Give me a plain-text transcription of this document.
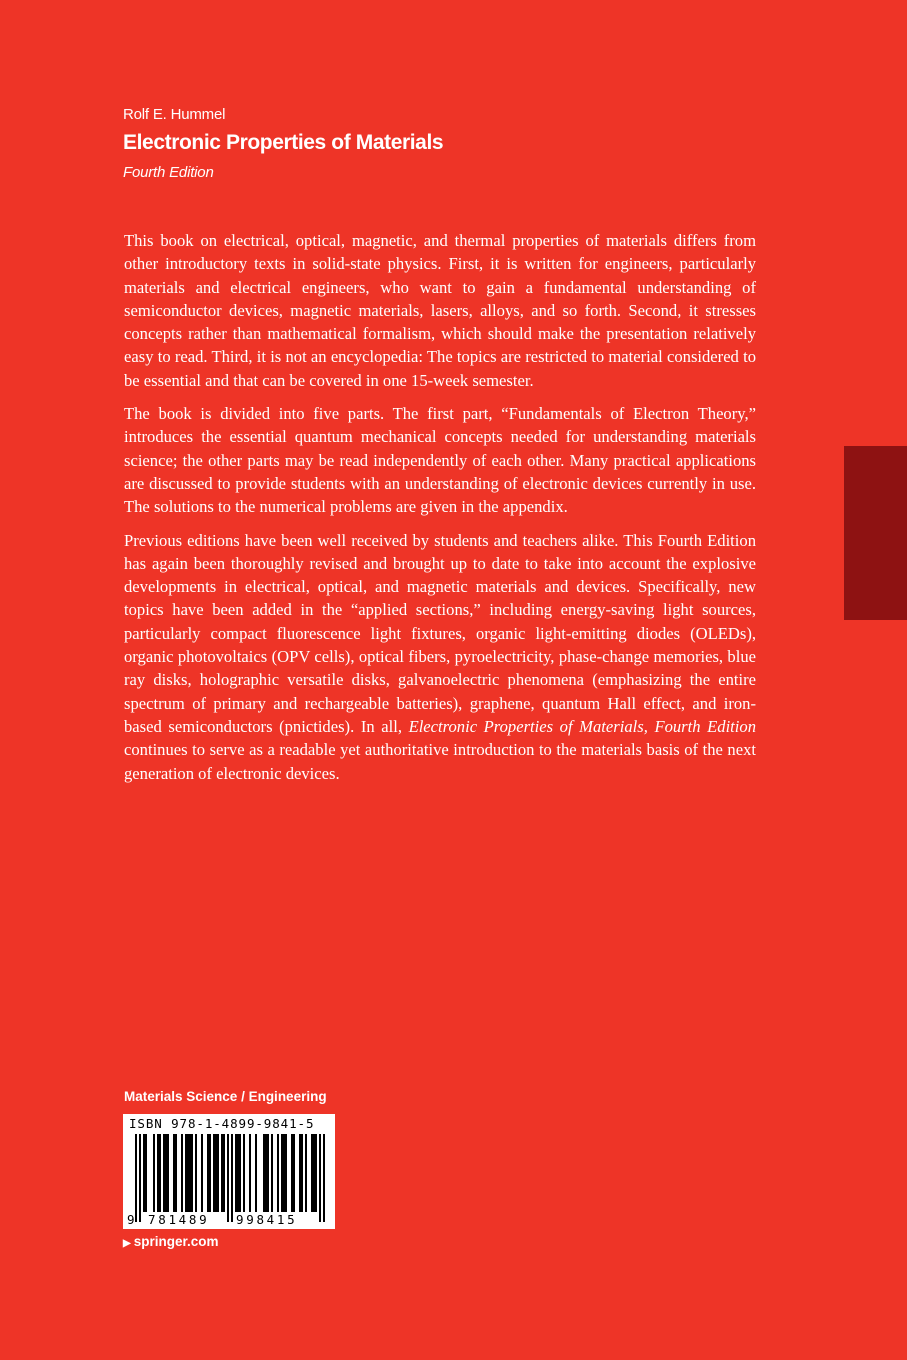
Rolf E. Hummel
Electronic Properties of Materials
Fourth Edition

This book on electrical, optical, magnetic, and thermal properties of materials differs from other introductory texts in solid-state physics. First, it is written for engineers, particularly materials and electrical engineers, who want to gain a fundamental understanding of semiconductor devices, magnetic materials, lasers, alloys, and so forth. Second, it stresses concepts rather than mathematical formalism, which should make the presentation relatively easy to read. Third, it is not an encyclopedia: The topics are restricted to material considered to be essential and that can be covered in one 15-week semester.

The book is divided into five parts. The first part, “Fundamentals of Electron Theory,” introduces the essential quantum mechanical concepts needed for understanding materials science; the other parts may be read independently of each other. Many practical applications are discussed to provide students with an understanding of electronic devices currently in use. The solutions to the numerical problems are given in the appendix.

Previous editions have been well received by students and teachers alike. This Fourth Edition has again been thoroughly revised and brought up to date to take into account the explosive developments in electrical, optical, and magnetic materials and devices. Specifically, new topics have been added in the “applied sections,” including energy-saving light sources, particularly compact fluorescence light fixtures, organic light-emitting diodes (OLEDs), organic photovoltaics (OPV cells), optical fibers, pyroelectricity, phase-change memories, blue ray disks, holographic versatile disks, galvanoelectric phenomena (emphasizing the entire spectrum of primary and rechargeable batteries), graphene, quantum Hall effect, and iron-based semiconductors (pnictides). In all, Electronic Properties of Materials, Fourth Edition continues to serve as a readable yet authoritative introduction to the materials basis of the next generation of electronic devices.

Materials Science / Engineering
ISBN 978-1-4899-9841-5
9 781489 998415
▶ springer.com
